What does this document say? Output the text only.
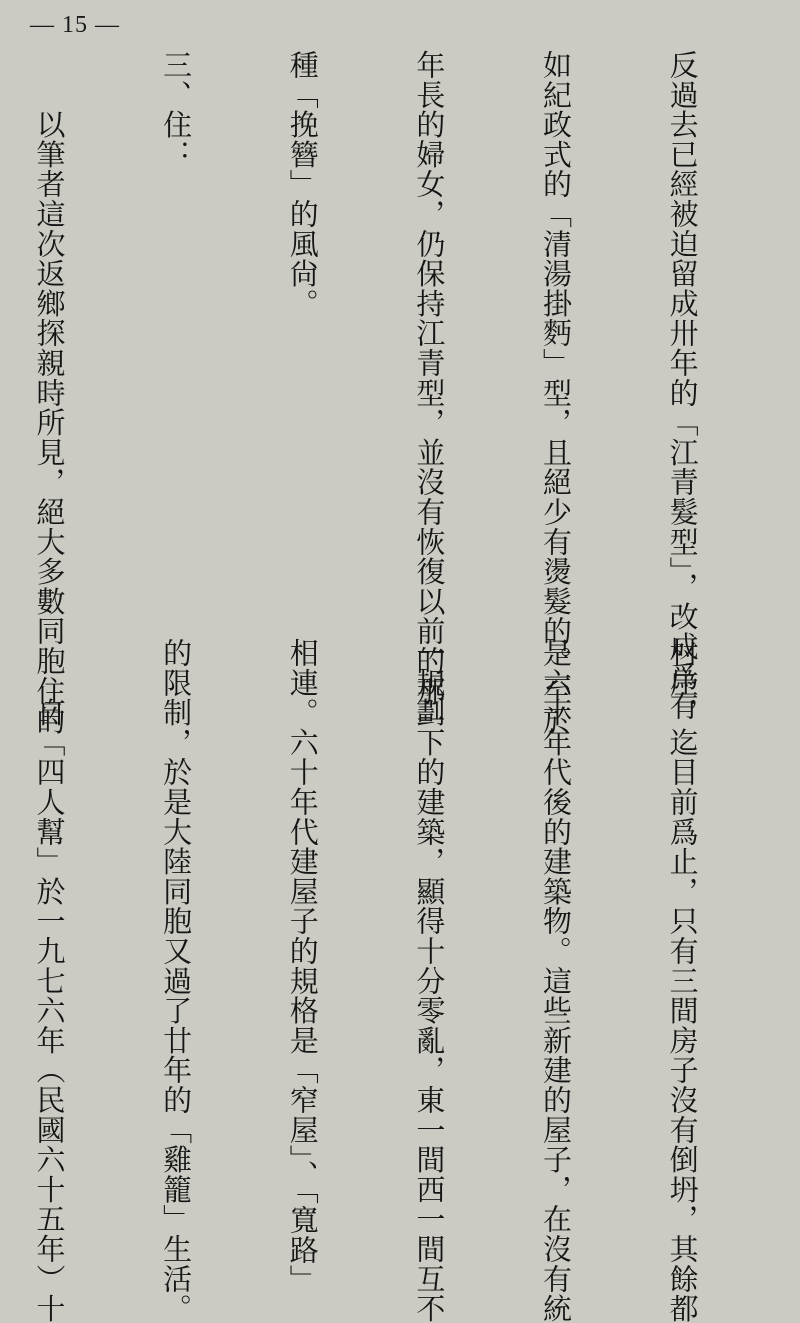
— 15 —

反過去已經被迫留成卅年的「江青髮型」，改成爲有

如紀政式的「清湯掛麪」型，且絕少有燙髮的。至於

年長的婦女，仍保持江青型，並沒有恢復以前的那一

種「挽簪」的風尙。

三、住：

　　以筆者這次返鄉探親時所見，絕大多數同胞住的

村庄，迄目前爲止，只有三間房子沒有倒坍，其餘都

是六十年代後的建築物。這些新建的屋子，在沒有統

一規劃下的建築，顯得十分零亂，東一間西一間互不

相連。六十年代建屋子的規格是「窄屋」、「寬路」

的限制，於是大陸同胞又過了廿年的「雞籠」生活。

　　自「四人幫」於一九七六年（民國六十五年）十
